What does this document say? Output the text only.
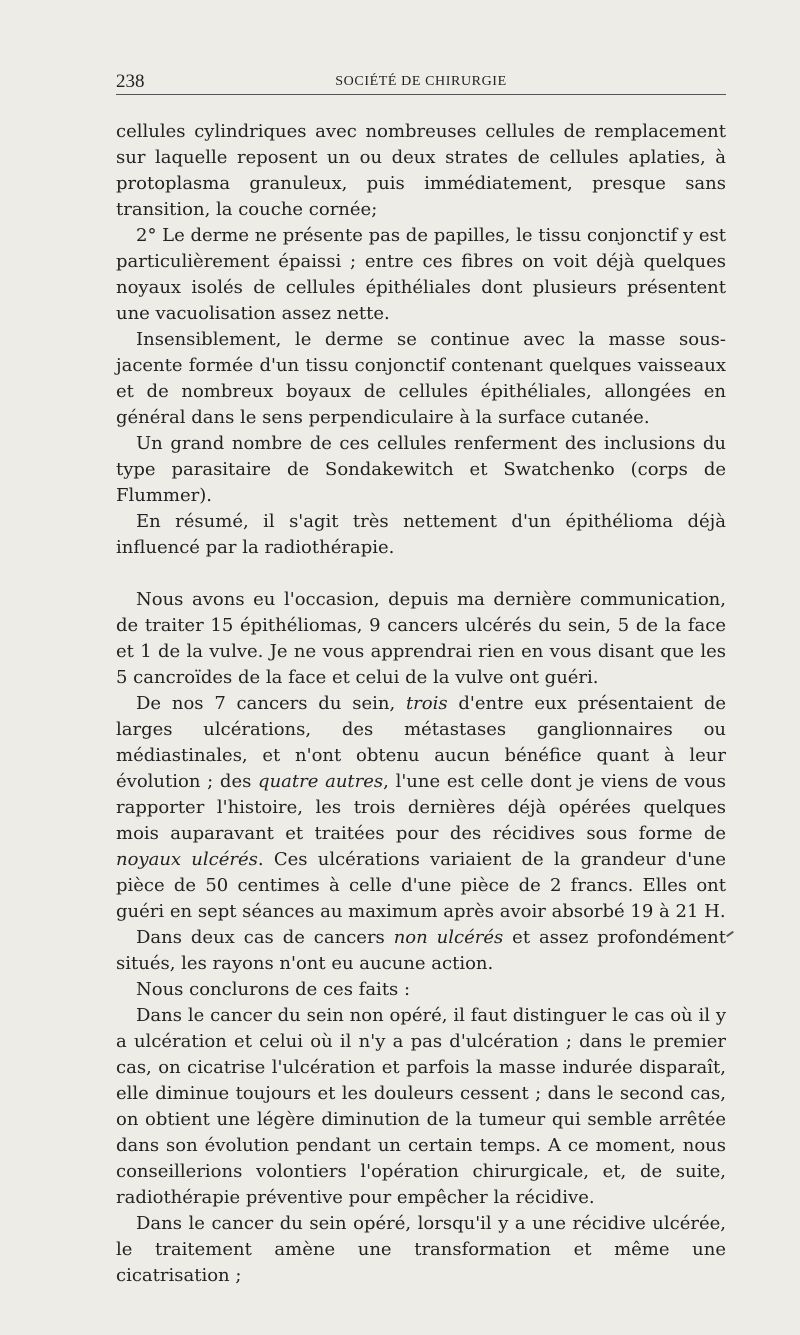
238	SOCIÉTÉ DE CHIRURGIE

cellules cylindriques avec nombreuses cellules de remplacement sur laquelle reposent un ou deux strates de cellules aplaties, à protoplasma granuleux, puis immédiatement, presque sans transition, la couche cornée;

2° Le derme ne présente pas de papilles, le tissu conjonctif y est particulièrement épaissi ; entre ces fibres on voit déjà quelques noyaux isolés de cellules épithéliales dont plusieurs présentent une vacuolisation assez nette.

Insensiblement, le derme se continue avec la masse sous-jacente formée d'un tissu conjonctif contenant quelques vaisseaux et de nombreux boyaux de cellules épithéliales, allongées en général dans le sens perpendiculaire à la surface cutanée.

Un grand nombre de ces cellules renferment des inclusions du type parasitaire de Sondakewitch et Swatchenko (corps de Flummer).

En résumé, il s'agit très nettement d'un épithélioma déjà influencé par la radiothérapie.

Nous avons eu l'occasion, depuis ma dernière communication, de traiter 15 épithéliomas, 9 cancers ulcérés du sein, 5 de la face et 1 de la vulve. Je ne vous apprendrai rien en vous disant que les 5 cancroïdes de la face et celui de la vulve ont guéri.

De nos 7 cancers du sein, trois d'entre eux présentaient de larges ulcérations, des métastases ganglionnaires ou médiastinales, et n'ont obtenu aucun bénéfice quant à leur évolution ; des quatre autres, l'une est celle dont je viens de vous rapporter l'histoire, les trois dernières déjà opérées quelques mois auparavant et traitées pour des récidives sous forme de noyaux ulcérés. Ces ulcérations variaient de la grandeur d'une pièce de 50 centimes à celle d'une pièce de 2 francs. Elles ont guéri en sept séances au maximum après avoir absorbé 19 à 21 H.

Dans deux cas de cancers non ulcérés et assez profondément situés, les rayons n'ont eu aucune action.

Nous conclurons de ces faits :

Dans le cancer du sein non opéré, il faut distinguer le cas où il y a ulcération et celui où il n'y a pas d'ulcération ; dans le premier cas, on cicatrise l'ulcération et parfois la masse indurée disparaît, elle diminue toujours et les douleurs cessent ; dans le second cas, on obtient une légère diminution de la tumeur qui semble arrêtée dans son évolution pendant un certain temps. A ce moment, nous conseillerions volontiers l'opération chirurgicale, et, de suite, radiothérapie préventive pour empêcher la récidive.

Dans le cancer du sein opéré, lorsqu'il y a une récidive ulcérée, le traitement amène une transformation et même une cicatrisation ;
